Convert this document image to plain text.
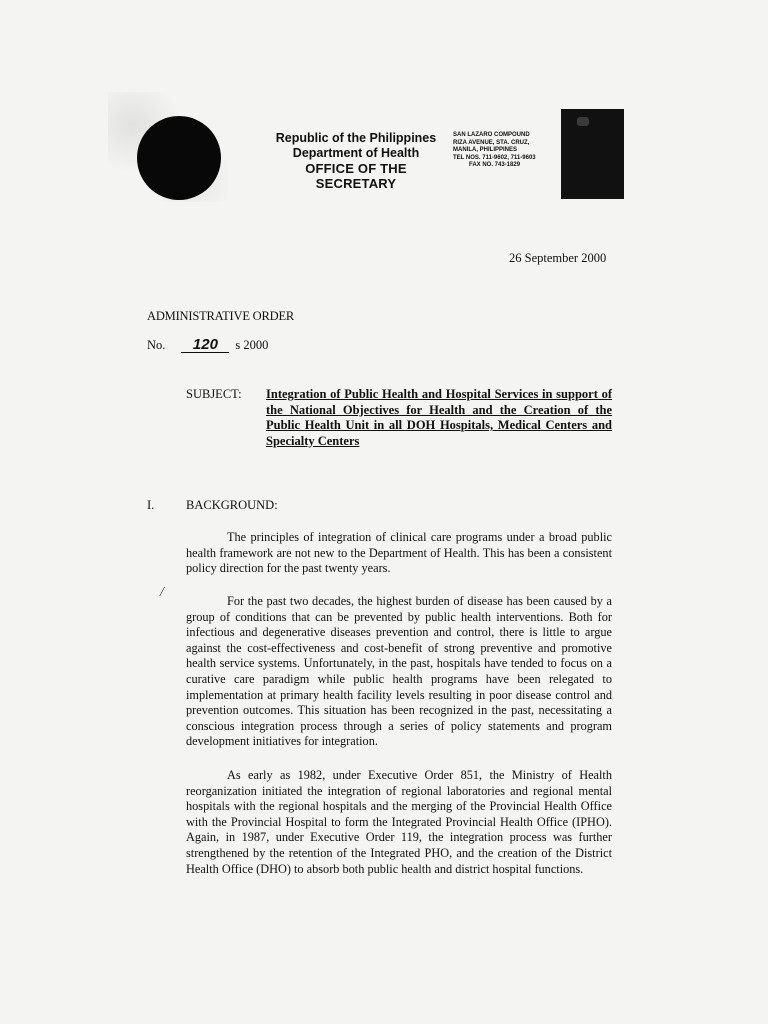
Republic of the Philippines
Department of Health
OFFICE OF THE SECRETARY
SAN LAZARO COMPOUND
RIZA AVENUE, STA. CRUZ,
MANILA, PHILIPPINES
TEL NOS. 711-9602, 711-9603
FAX NO. 743-1829
26 September 2000
ADMINISTRATIVE ORDER
No. 120 s 2000
SUBJECT: Integration of Public Health and Hospital Services in support of the National Objectives for Health and the Creation of the Public Health Unit in all DOH Hospitals, Medical Centers and Specialty Centers
I.	BACKGROUND:
/

The principles of integration of clinical care programs under a broad public health framework are not new to the Department of Health. This has been a consistent policy direction for the past twenty years.

For the past two decades, the highest burden of disease has been caused by a group of conditions that can be prevented by public health interventions. Both for infectious and degenerative diseases prevention and control, there is little to argue against the cost-effectiveness and cost-benefit of strong preventive and promotive health service systems. Unfortunately, in the past, hospitals have tended to focus on a curative care paradigm while public health programs have been relegated to implementation at primary health facility levels resulting in poor disease control and prevention outcomes. This situation has been recognized in the past, necessitating a conscious integration process through a series of policy statements and program development initiatives for integration.

As early as 1982, under Executive Order 851, the Ministry of Health reorganization initiated the integration of regional laboratories and regional mental hospitals with the regional hospitals and the merging of the Provincial Health Office with the Provincial Hospital to form the Integrated Provincial Health Office (IPHO). Again, in 1987, under Executive Order 119, the integration process was further strengthened by the retention of the Integrated PHO, and the creation of the District Health Office (DHO) to absorb both public health and district hospital functions.
